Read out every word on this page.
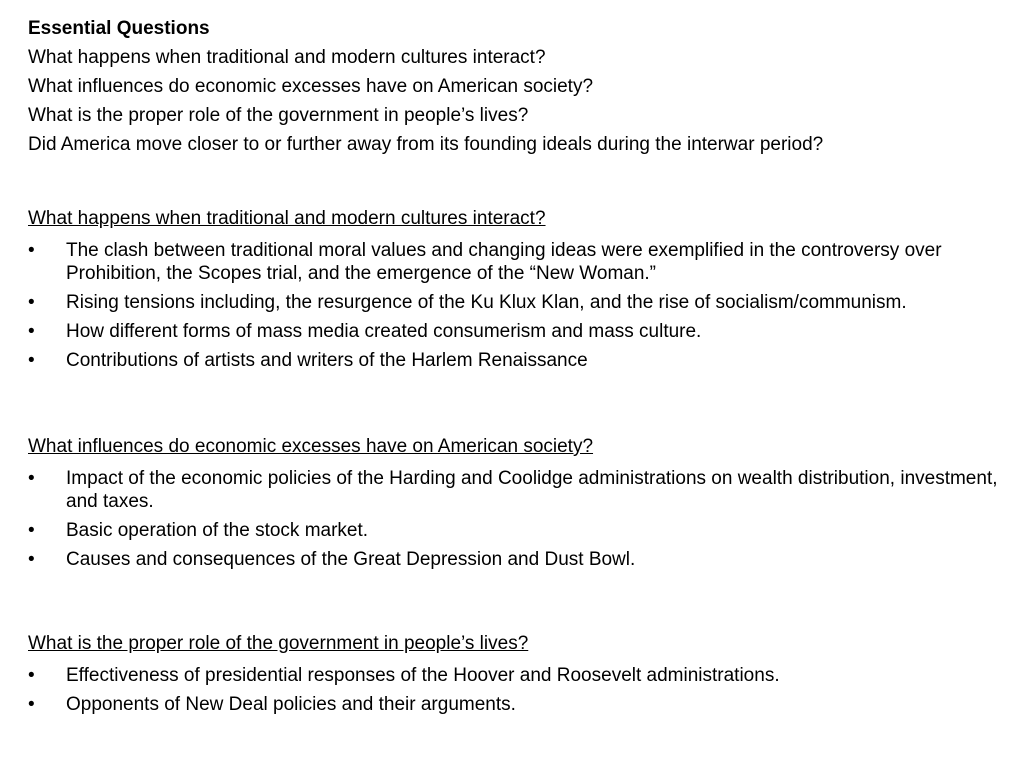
Essential Questions
What happens when traditional and modern cultures interact?
What influences do economic excesses have on American society?
What is the proper role of the government in people’s lives?
Did America move closer to or further away from its founding ideals during the interwar period?
What happens when traditional and modern cultures interact?
•	The clash between traditional moral values and changing ideas were exemplified in the controversy over Prohibition, the Scopes trial, and the emergence of the “New Woman.”
•	Rising tensions including, the resurgence of the Ku Klux Klan, and the rise of socialism/communism.
•	How different forms of mass media created consumerism and mass culture.
•	Contributions of artists and writers of the Harlem Renaissance
What influences do economic excesses have on American society?
•	Impact of the economic policies of the Harding and Coolidge administrations on wealth distribution, investment, and taxes.
•	Basic operation of the stock market.
•	Causes and consequences of the Great Depression and Dust Bowl.
What is the proper role of the government in people’s lives?
•	Effectiveness of presidential responses of the Hoover and Roosevelt administrations.
•	Opponents of New Deal policies and their arguments.
